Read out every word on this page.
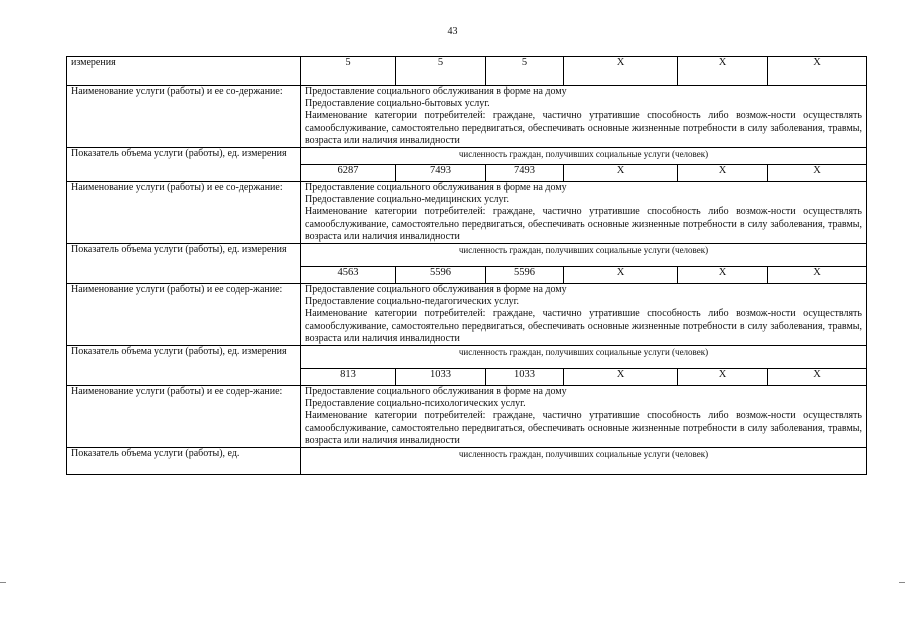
43
измерения	5	5	5	Х	Х	Х
Наименование услуги (работы) и ее со-держание:	Предоставление социального обслуживания в форме на дому
Предоставление социально-бытовых услуг.
Наименование категории потребителей: граждане, частично утратившие способность либо возмож-ности осуществлять самообслуживание, самостоятельно передвигаться, обеспечивать основные жизненные потребности в силу заболевания, травмы, возраста или наличия инвалидности					

Показатель объема услуги (работы), ед. измерения	численность граждан, получивших социальные услуги (человек)					
	6287	7493	7493	Х	Х	Х
Наименование услуги (работы) и ее со-держание:	Предоставление социального обслуживания в форме на дому
Предоставление социально-медицинских услуг.
Наименование категории потребителей: граждане, частично утратившие способность либо возмож-ности осуществлять самообслуживание, самостоятельно передвигаться, обеспечивать основные жизненные потребности в силу заболевания, травмы, возраста или наличия инвалидности					

Показатель объема услуги (работы), ед. измерения	численность граждан, получивших социальные услуги (человек)					
	4563	5596	5596	Х	Х	Х
Наименование услуги (работы) и ее содер-жание:	Предоставление социального обслуживания в форме на дому
Предоставление социально-педагогических услуг.
Наименование категории потребителей: граждане, частично утратившие способность либо возмож-ности осуществлять самообслуживание, самостоятельно передвигаться, обеспечивать основные жизненные потребности в силу заболевания, травмы, возраста или наличия инвалидности					

Показатель объема услуги (работы), ед. измерения	численность граждан, получивших социальные услуги (человек)					
	813	1033	1033	Х	Х	Х
Наименование услуги (работы) и ее содер-жание:	Предоставление социального обслуживания в форме на дому
Предоставление социально-психологических услуг.
Наименование категории потребителей: граждане, частично утратившие способность либо возмож-ности осуществлять самообслуживание, самостоятельно передвигаться, обеспечивать основные жизненные потребности в силу заболевания, травмы, возраста или наличия инвалидности					

Показатель объема услуги (работы), ед.	численность граждан, получивших социальные услуги (человек)					
